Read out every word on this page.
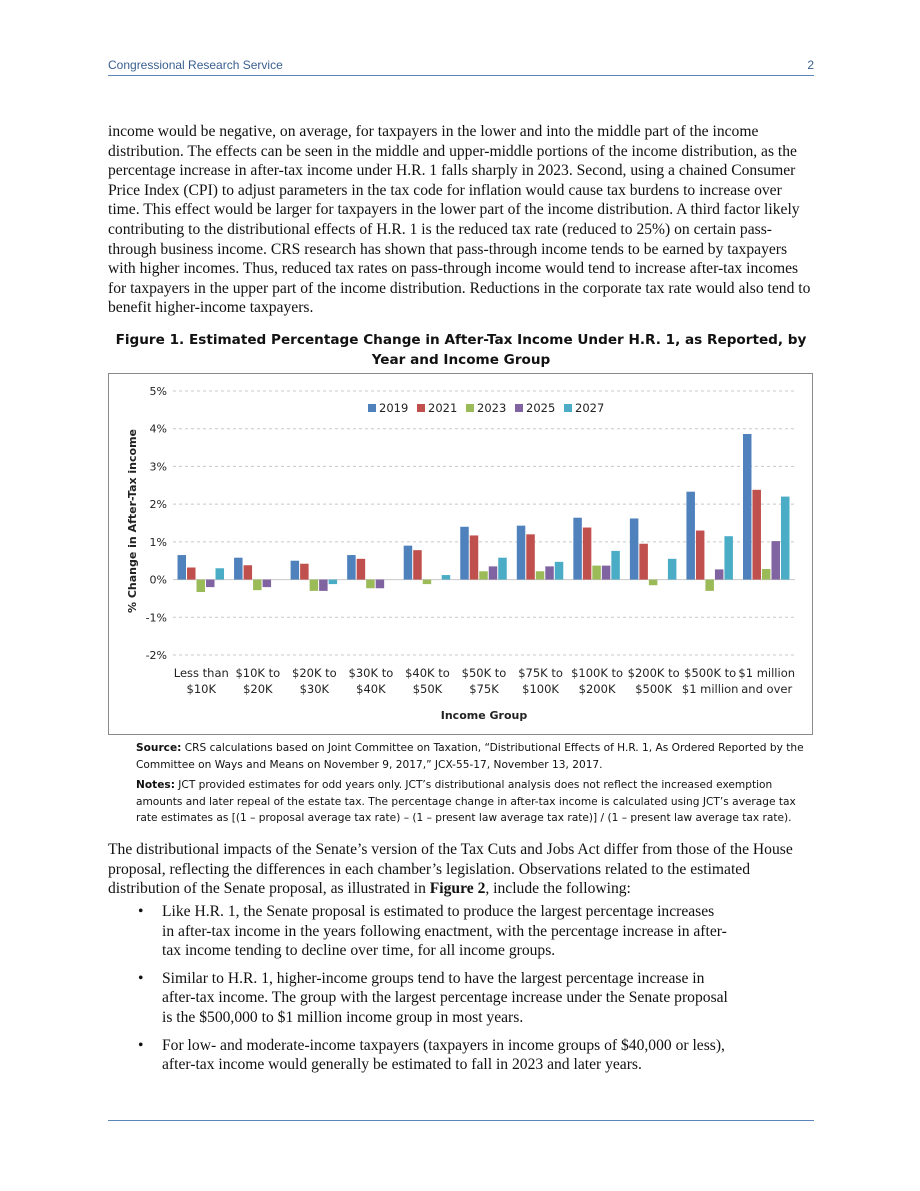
Congressional Research Service	2

income would be negative, on average, for taxpayers in the lower and into the middle part of the income distribution. The effects can be seen in the middle and upper-middle portions of the income distribution, as the percentage increase in after-tax income under H.R. 1 falls sharply in 2023. Second, using a chained Consumer Price Index (CPI) to adjust parameters in the tax code for inflation would cause tax burdens to increase over time. This effect would be larger for taxpayers in the lower part of the income distribution. A third factor likely contributing to the distributional effects of H.R. 1 is the reduced tax rate (reduced to 25%) on certain pass-through business income. CRS research has shown that pass-through income tends to be earned by taxpayers with higher incomes. Thus, reduced tax rates on pass-through income would tend to increase after-tax incomes for taxpayers in the upper part of the income distribution. Reductions in the corporate tax rate would also tend to benefit higher-income taxpayers.

Figure 1. Estimated Percentage Change in After-Tax Income Under H.R. 1, as Reported, by Year and Income Group
5%
4%
3%
2%
1%
0%
-1%
-2%
Less than
$10K
$10K to
$20K
$20K to
$30K
$30K to
$40K
$40K to
$50K
$50K to
$75K
$75K to
$100K
$100K to
$200K
$200K to
$500K
$500K to
$1 million
$1 million
and over
Income Group
% Change in After-Tax income
2019 2021 2023 2025 2027
Source: CRS calculations based on Joint Committee on Taxation, “Distributional Effects of H.R. 1, As Ordered Reported by the Committee on Ways and Means on November 9, 2017,” JCX-55-17, November 13, 2017.
Notes: JCT provided estimates for odd years only. JCT’s distributional analysis does not reflect the increased exemption amounts and later repeal of the estate tax. The percentage change in after-tax income is calculated using JCT’s average tax rate estimates as [(1 – proposal average tax rate) – (1 – present law average tax rate)] / (1 – present law average tax rate).

The distributional impacts of the Senate’s version of the Tax Cuts and Jobs Act differ from those of the House proposal, reflecting the differences in each chamber’s legislation. Observations related to the estimated distribution of the Senate proposal, as illustrated in Figure 2, include the following:

• Like H.R. 1, the Senate proposal is estimated to produce the largest percentage increases in after-tax income in the years following enactment, with the percentage increase in after-tax income tending to decline over time, for all income groups.
• Similar to H.R. 1, higher-income groups tend to have the largest percentage increase in after-tax income. The group with the largest percentage increase under the Senate proposal is the $500,000 to $1 million income group in most years.
• For low- and moderate-income taxpayers (taxpayers in income groups of $40,000 or less), after-tax income would generally be estimated to fall in 2023 and later years.
